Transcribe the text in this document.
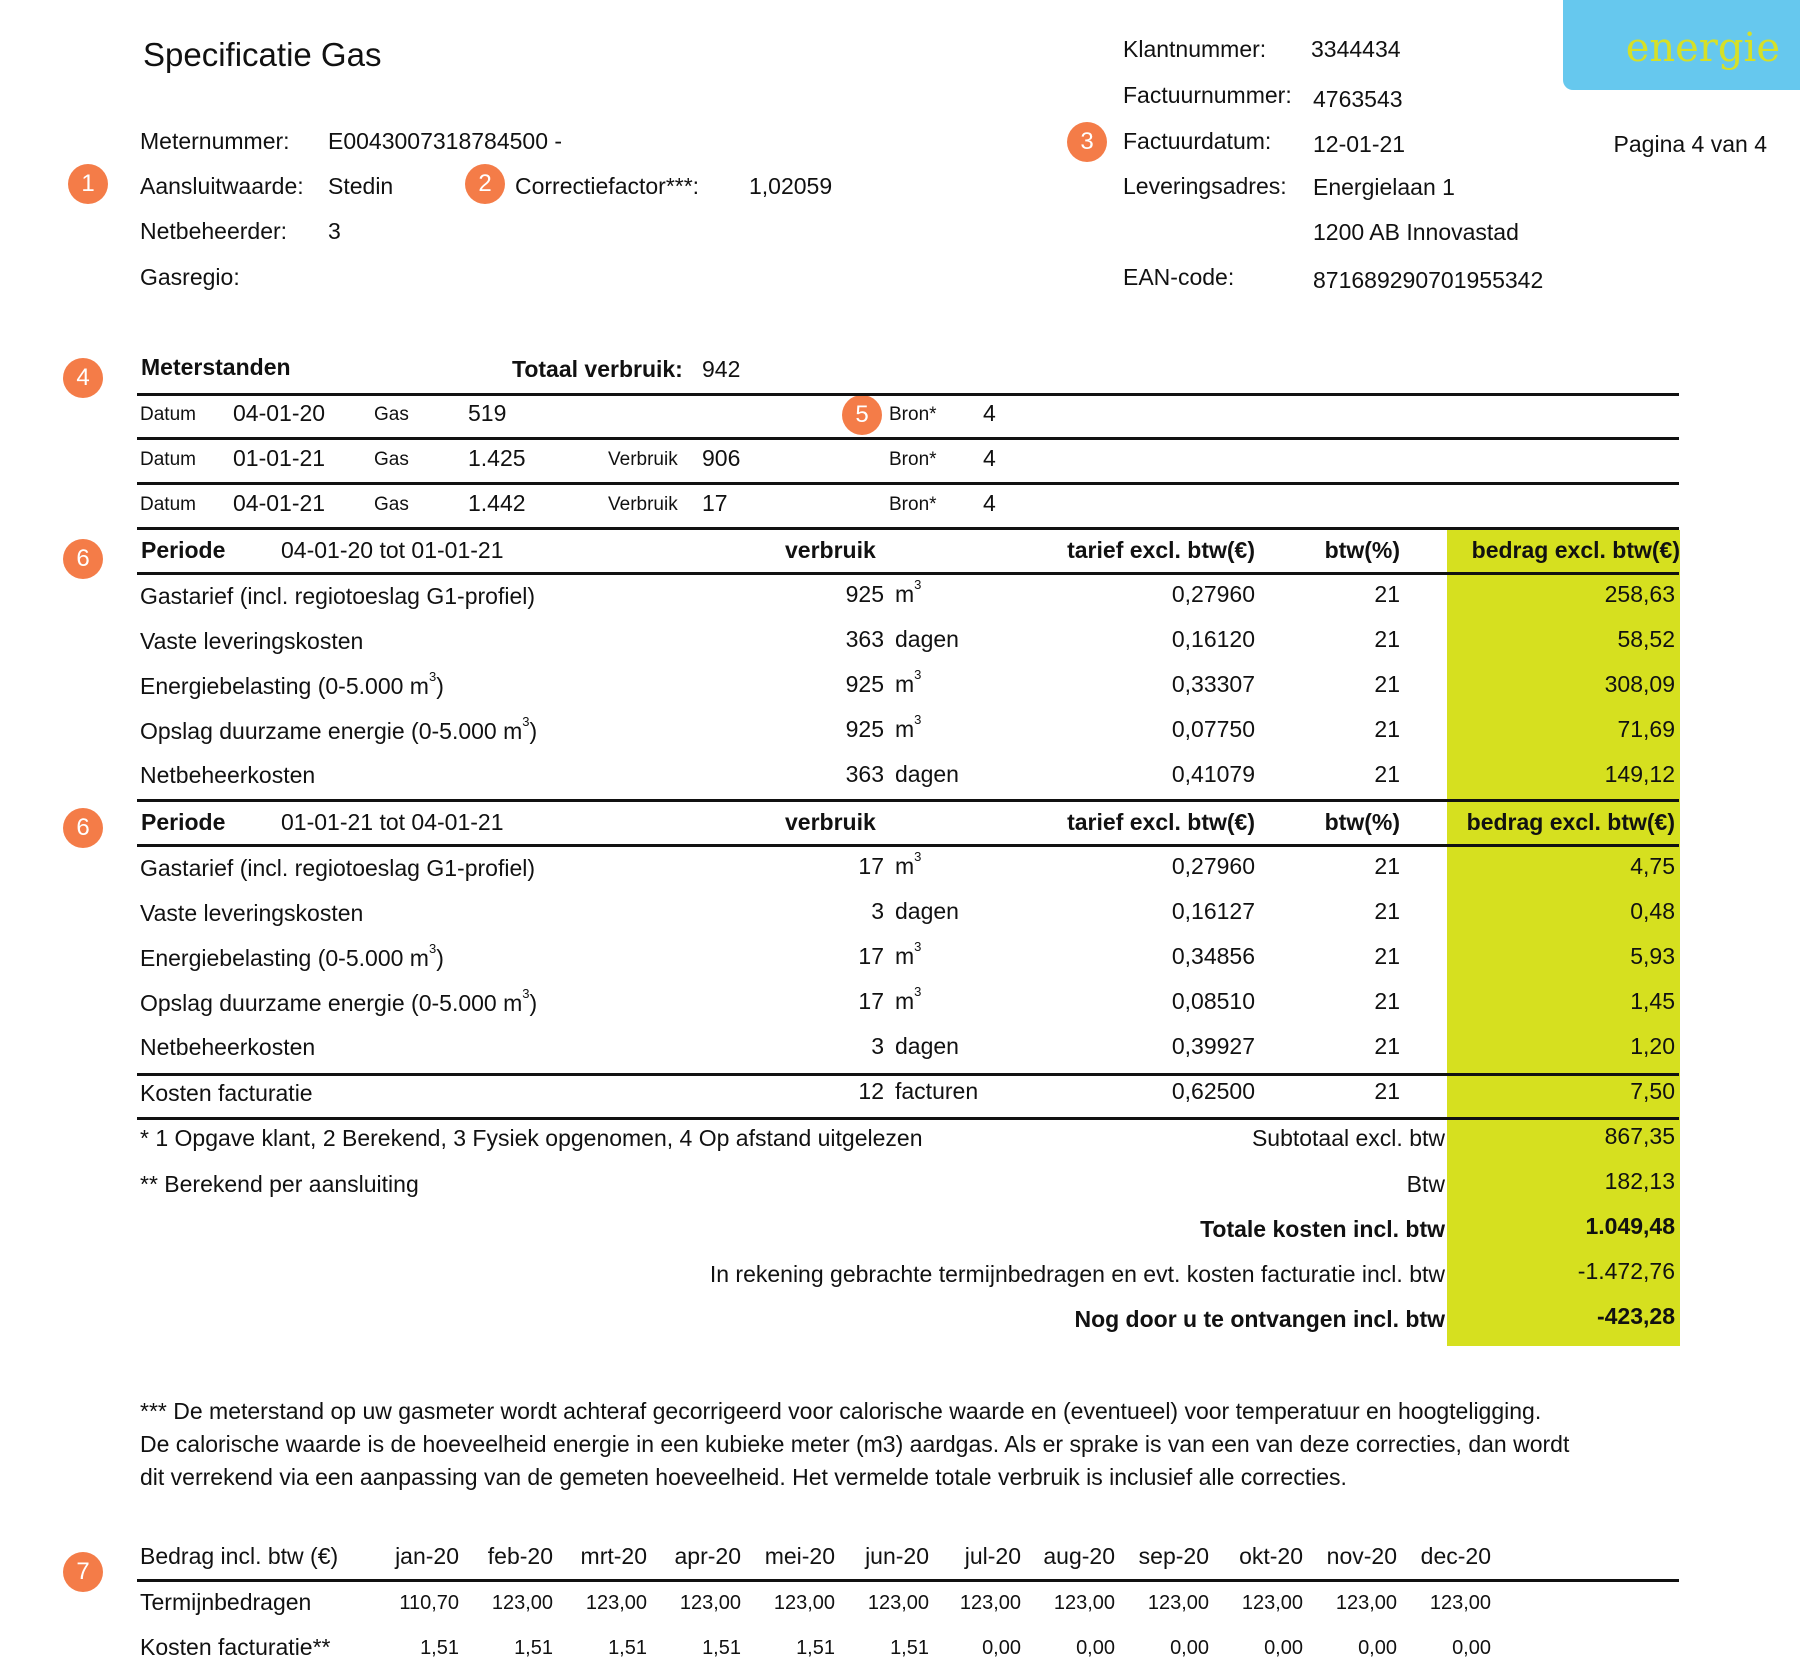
energie
Specificatie Gas
Meternummer: E0043007318784500 -
Aansluitwaarde: Stedin
Netbeheerder: 3
Gasregio:
Correctiefactor***: 1,02059
Klantnummer: 3344434
Factuurnummer: 4763543
Factuurdatum: 12-01-21	Pagina 4 van 4
Leveringsadres: Energielaan 1
1200 AB Innovastad
EAN-code:	871689290701955342
1	2
3
4
5
6
6
7
Meterstanden	Totaal verbruik: 942
Datum 04-01-20	Gas	519	Bron* 4
Datum 01-01-21	Gas	1.425	Verbruik 906	Bron* 4
Datum 04-01-21	Gas	1.442	Verbruik 17	Bron* 4
Periode 04-01-20 tot 01-01-21	verbruik	tarief excl. btw(€)	btw(%)	bedrag excl. btw(€)
Gastarief (incl. regiotoeslag G1-profiel)	925 $m^3$	0,27960	21	258,63
Vaste leveringskosten	363 dagen	0,16120	21	58,52
Energiebelasting (0-5.000 $m^3$)	925 $m^3$	0,33307	21	308,09
Opslag duurzame energie (0-5.000 $m^3$)	925 $m^3$	0,07750	21	71,69
Netbeheerkosten	363 dagen	0,41079	21	149,12
Periode 01-01-21 tot 04-01-21	verbruik	tarief excl. btw(€)	btw(%)	bedrag excl. btw(€)
Gastarief (incl. regiotoeslag G1-profiel)	17 $m^3$	0,27960	21	4,75
Vaste leveringskosten	3 dagen	0,16127	21	0,48
Energiebelasting (0-5.000 $m^3$)	17 $m^3$	0,34856	21	5,93
Opslag duurzame energie (0-5.000 $m^3$)	17 $m^3$	0,08510	21	1,45
Netbeheerkosten	3 dagen	0,39927	21	1,20
Kosten facturatie	12 facturen	0,62500	21	7,50
* 1 Opgave klant, 2 Berekend, 3 Fysiek opgenomen, 4 Op afstand uitgelezen
** Berekend per aansluiting
Subtotaal excl. btw	867,35
Btw	182,13
Totale kosten incl. btw	1.049,48
In rekening gebrachte termijnbedragen en evt. kosten facturatie incl. btw	-1.472,76
Nog door u te ontvangen incl. btw	-423,28
*** De meterstand op uw gasmeter wordt achteraf gecorrigeerd voor calorische waarde en (eventueel) voor temperatuur en hoogteligging.
De calorische waarde is de hoeveelheid energie in een kubieke meter (m3) aardgas. Als er sprake is van een van deze correcties, dan wordt
dit verrekend via een aanpassing van de gemeten hoeveelheid. Het vermelde totale verbruik is inclusief alle correcties.
Bedrag incl. btw (€)	jan-20	feb-20	mrt-20	apr-20	mei-20	jun-20	jul-20 aug-20	sep-20	okt-20	nov-20	dec-20
Termijnbedragen	110,70	123,00	123,00	123,00	123,00	123,00	123,00	123,00	123,00	123,00	123,00	123,00
Kosten facturatie**	1,51	1,51	1,51	1,51	1,51	1,51	0,00	0,00	0,00	0,00	0,00	0,00
